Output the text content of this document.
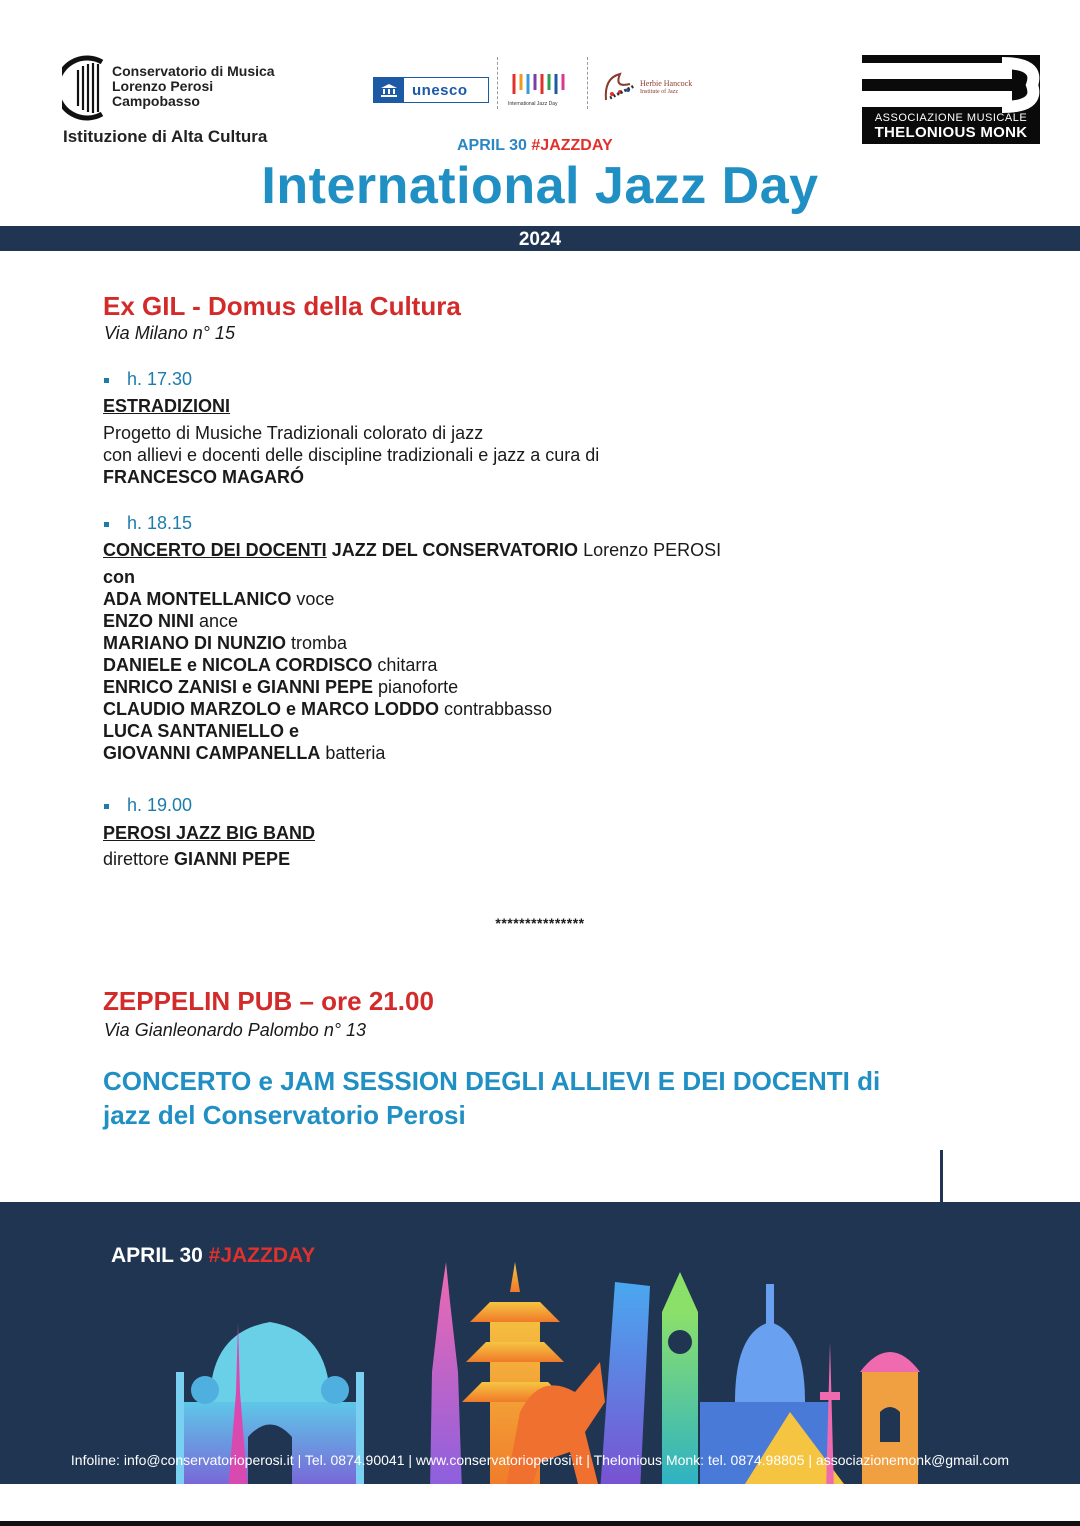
Conservatorio di Musica
Lorenzo Perosi
Campobasso
Istituzione di Alta Cultura
unesco
International Jazz Day
Herbie Hancock
Institute of Jazz
ASSOCIAZIONE MUSICALE
THELONIOUS MONK
APRIL 30 #JAZZDAY
International Jazz Day
2024
Ex GIL - Domus della Cultura
Via Milano n° 15
h. 17.30
ESTRADIZIONI
Progetto di Musiche Tradizionali colorato di jazz
con allievi e docenti delle discipline tradizionali e jazz a cura di
FRANCESCO MAGARÓ
h. 18.15
CONCERTO DEI DOCENTI JAZZ DEL CONSERVATORIO Lorenzo PEROSI
con
ADA MONTELLANICO voce
ENZO NINI ance
MARIANO DI NUNZIO tromba
DANIELE e NICOLA CORDISCO chitarra
ENRICO ZANISI e GIANNI PEPE pianoforte
CLAUDIO MARZOLO e MARCO LODDO contrabbasso
LUCA SANTANIELLO e
GIOVANNI CAMPANELLA batteria
h. 19.00
PEROSI JAZZ BIG BAND
direttore GIANNI PEPE
***************
ZEPPELIN PUB – ore 21.00
Via Gianleonardo Palombo n° 13
CONCERTO e JAM SESSION DEGLI ALLIEVI E DEI DOCENTI di
jazz del Conservatorio Perosi
APRIL 30 #JAZZDAY
Infoline: info@conservatorioperosi.it | Tel. 0874.90041 | www.conservatorioperosi.it | Thelonious Monk: tel. 0874.98805 | associazionemonk@gmail.com
